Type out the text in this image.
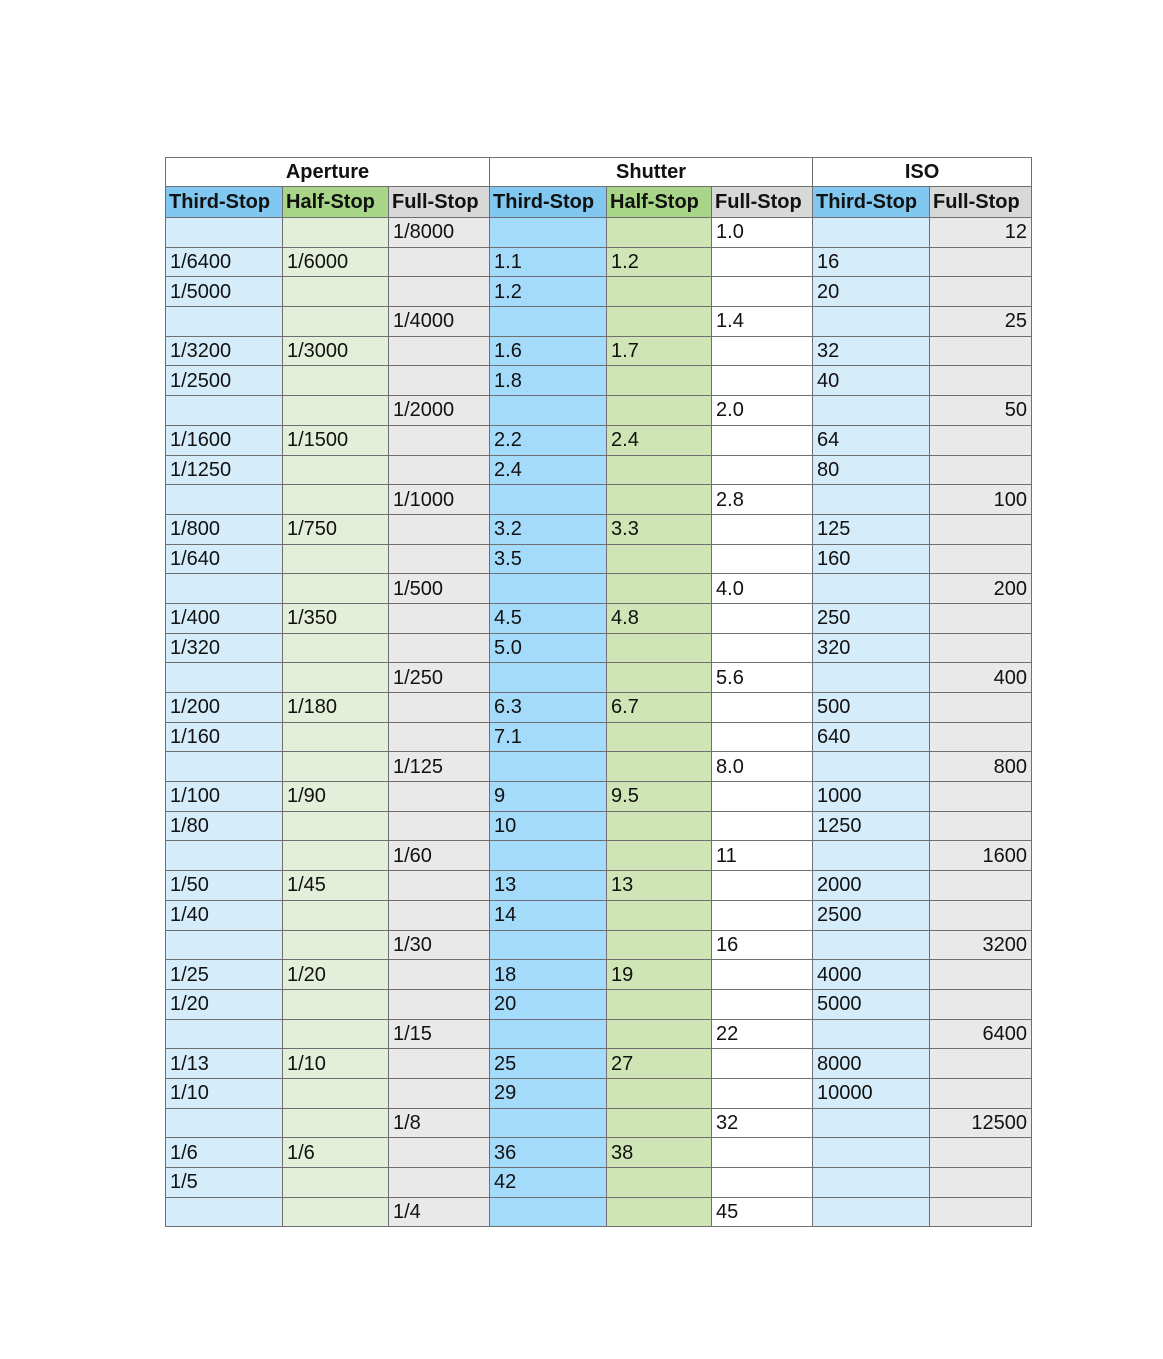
Aperture			Shutter			ISO	
Third-Stop	Half-Stop	Full-Stop	Third-Stop	Half-Stop	Full-Stop	Third-Stop	Full-Stop
		1/8000			1.0		12
1/6400	1/6000		1.1	1.2		16	
1/5000			1.2			20	
		1/4000			1.4		25
1/3200	1/3000		1.6	1.7		32	
1/2500			1.8			40	
		1/2000			2.0		50
1/1600	1/1500		2.2	2.4		64	
1/1250			2.4			80	
		1/1000			2.8		100
1/800	1/750		3.2	3.3		125	
1/640			3.5			160	
		1/500			4.0		200
1/400	1/350		4.5	4.8		250	
1/320			5.0			320	
		1/250			5.6		400
1/200	1/180		6.3	6.7		500	
1/160			7.1			640	
		1/125			8.0		800
1/100	1/90		9	9.5		1000	
1/80			10			1250	
		1/60			11		1600
1/50	1/45		13	13		2000	
1/40			14			2500	
		1/30			16		3200
1/25	1/20		18	19		4000	
1/20			20			5000	
		1/15			22		6400
1/13	1/10		25	27		8000	
1/10			29			10000	
		1/8			32		12500
1/6	1/6		36	38			
1/5			42				
		1/4			45		
